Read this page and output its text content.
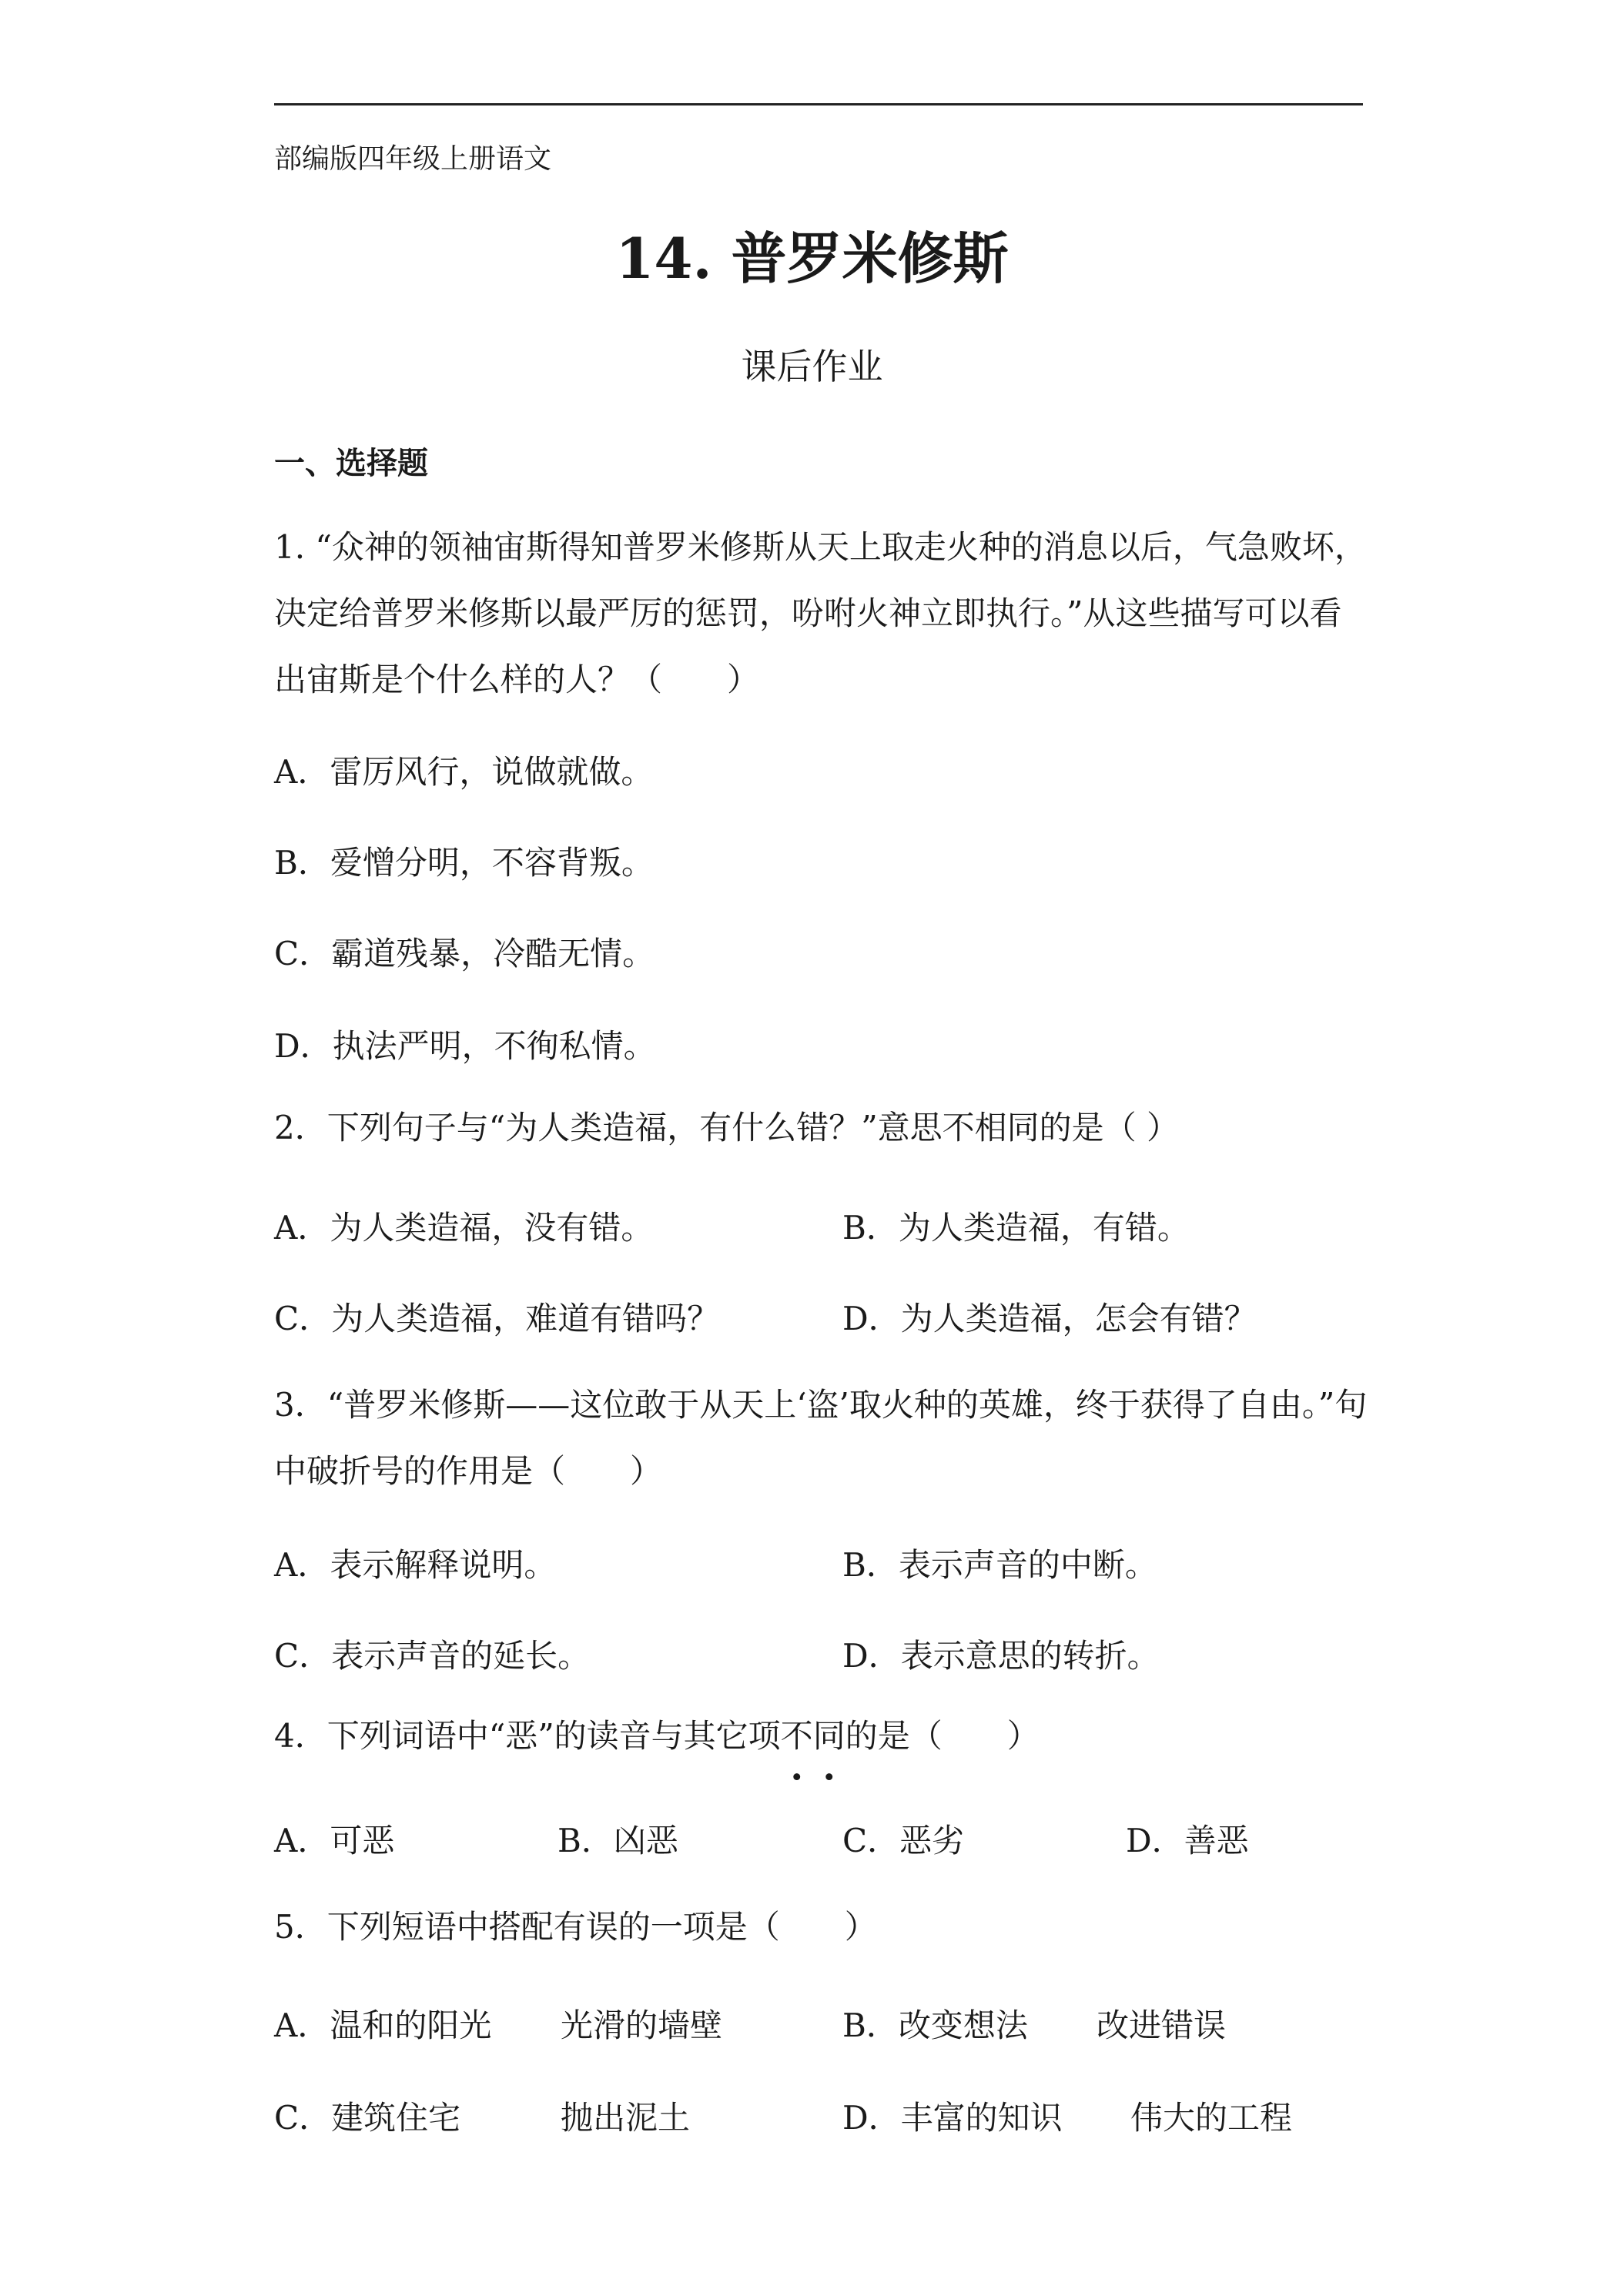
部编版四年级上册语文
14. 普罗米修斯
课后作业
一、选择题
1. “众神的领袖宙斯得知普罗米修斯从天上取走火种的消息以后，气急败坏，决定给普罗米修斯以最严厉的惩罚，吩咐火神立即执行。”从这些描写可以看出宙斯是个什么样的人？（　　）
A．雷厉风行，说做就做。
B．爱憎分明，不容背叛。
C．霸道残暴，冷酷无情。
D．执法严明，不徇私情。
2．下列句子与“为人类造福，有什么错？”意思不相同的是（ ）
A．为人类造福，没有错。	B．为人类造福，有错。
C．为人类造福，难道有错吗？	D．为人类造福，怎会有错？
3．“普罗米修斯——这位敢于从天上‘盗’取火种的英雄，终于获得了自由。”句中破折号的作用是（　　）
A．表示解释说明。	B．表示声音的中断。
C．表示声音的延长。	D．表示意思的转折。
4．下列词语中“恶”的读音与其它项不同的是（　　）
A．可恶	B．凶恶	C．恶劣	D．善恶
5．下列短语中搭配有误的一项是（　　）
A．温和的阳光 光滑的墙壁	B．改变想法 改进错误
C．建筑住宅	抛出泥土	D．丰富的知识 伟大的工程
